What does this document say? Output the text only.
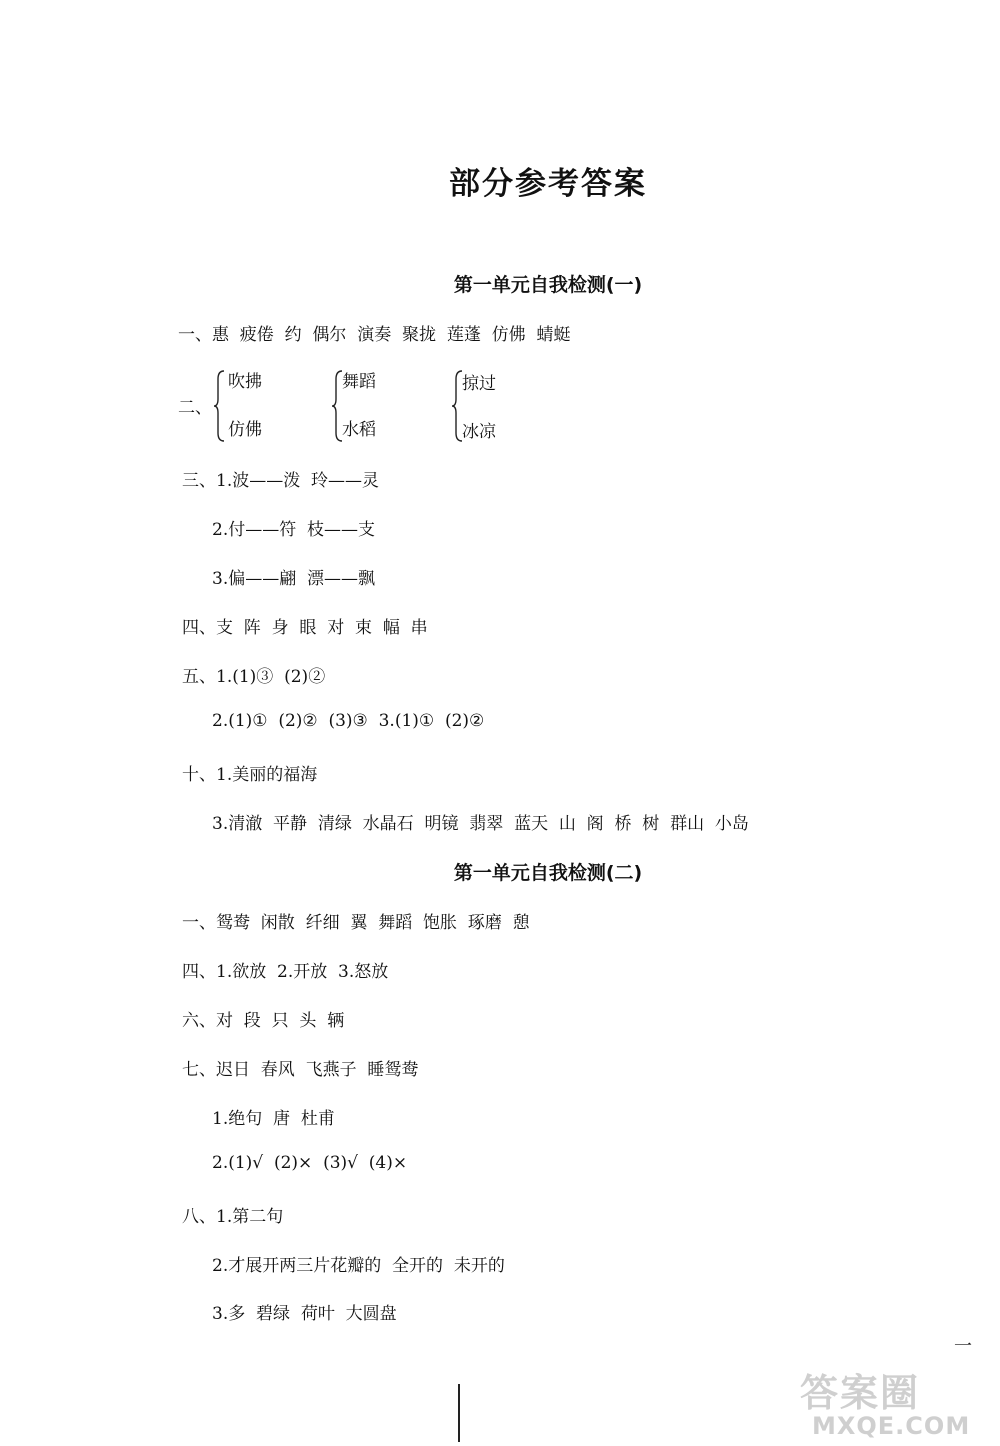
部分参考答案
第一单元自我检测(一)
一、惠  疲倦  约  偶尔  演奏  聚拢  莲蓬  仿佛  蜻蜓
二、
吹拂
仿佛
舞蹈
水稻
掠过
冰凉
三、1.波——泼  玲——灵
2.付——符  枝——支
3.偏——翩  漂——飘
四、支  阵  身  眼  对  束  幅  串
五、1.(1)③  (2)②
2.(1)①  (2)②  (3)③  3.(1)①  (2)②
十、1.美丽的福海
3.清澈  平静  清绿  水晶石  明镜  翡翠  蓝天  山  阁  桥  树  群山  小岛
第一单元自我检测(二)
一、鸳鸯  闲散  纤细  翼  舞蹈  饱胀  琢磨  憩
四、1.欲放  2.开放  3.怒放
六、对  段  只  头  辆
七、迟日  春风  飞燕子  睡鸳鸯
1.绝句  唐  杜甫
2.(1)√  (2)×  (3)√  (4)×
八、1.第二句
2.才展开两三片花瓣的  全开的  未开的
3.多  碧绿  荷叶  大圆盘
一
答案圈
MXQE.COM
